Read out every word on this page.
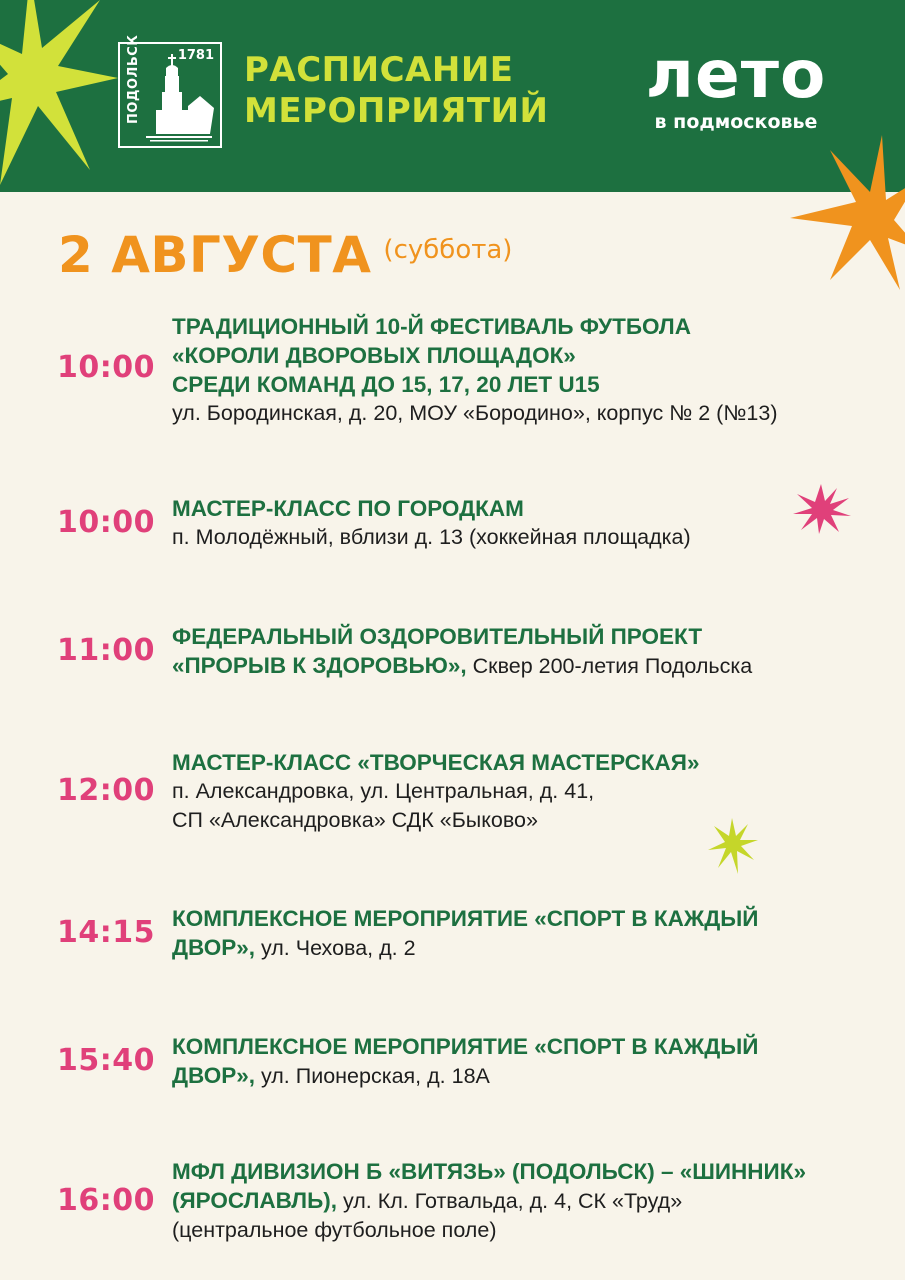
ПОДОЛЬСК	1781 РАСПИСАНИЕ
МЕРОПРИЯТИЙ	лето
в подмосковье
2 АВГУСТА (суббота)
10:00
ТРАДИЦИОННЫЙ 10-Й ФЕСТИВАЛЬ ФУТБОЛА
«КОРОЛИ ДВОРОВЫХ ПЛОЩАДОК»
СРЕДИ КОМАНД ДО 15, 17, 20 ЛЕТ U15
ул. Бородинская, д. 20, МОУ «Бородино», корпус № 2 (№13)
10:00 МАСТЕР-КЛАСС ПО ГОРОДКАМ
п. Молодёжный, вблизи д. 13 (хоккейная площадка)
11:00 ФЕДЕРАЛЬНЫЙ ОЗДОРОВИТЕЛЬНЫЙ ПРОЕКТ
«ПРОРЫВ К ЗДОРОВЬЮ», Сквер 200-летия Подольска
12:00
МАСТЕР-КЛАСС «ТВОРЧЕСКАЯ МАСТЕРСКАЯ»
п. Александровка, ул. Центральная, д. 41,
СП «Александровка» СДК «Быково»
14:15 КОМПЛЕКСНОЕ МЕРОПРИЯТИЕ «СПОРТ В КАЖДЫЙ
ДВОР», ул. Чехова, д. 2
15:40 КОМПЛЕКСНОЕ МЕРОПРИЯТИЕ «СПОРТ В КАЖДЫЙ
ДВОР», ул. Пионерская, д. 18А
16:00
МФЛ ДИВИЗИОН Б «ВИТЯЗЬ» (ПОДОЛЬСК) – «ШИННИК»
(ЯРОСЛАВЛЬ), ул. Кл. Готвальда, д. 4, СК «Труд»
(центральное футбольное поле)
